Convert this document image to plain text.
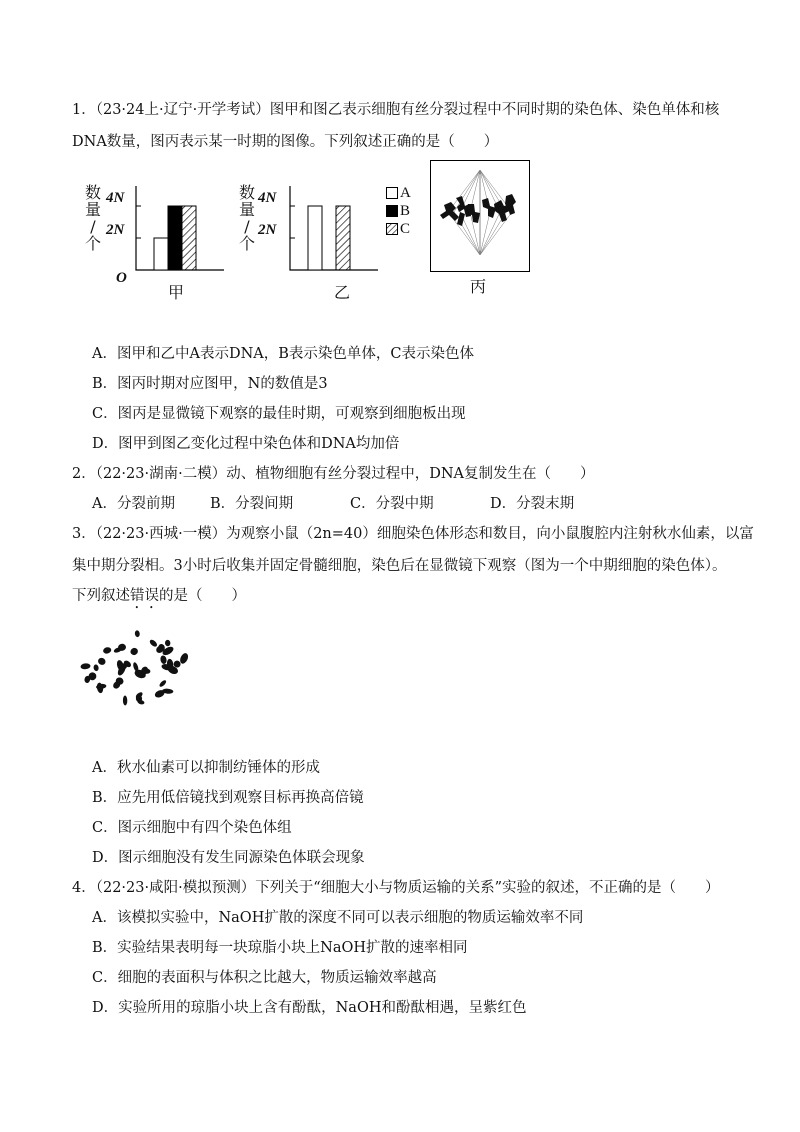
1．（23·24上·辽宁·开学考试）图甲和图乙表示细胞有丝分裂过程中不同时期的染色体、染色单体和核
DNA数量，图丙表示某一时期的图像。下列叙述正确的是（　　）
数
量
/
个
4N
2N
O
甲
数
量
/
个
4N
2N
乙
A
B
C
丙
A．图甲和乙中A表示DNA，B表示染色单体，C表示染色体
B．图丙时期对应图甲，N的数值是3
C．图丙是显微镜下观察的最佳时期，可观察到细胞板出现
D．图甲到图乙变化过程中染色体和DNA均加倍
2．（22·23·湖南·二模）动、植物细胞有丝分裂过程中，DNA复制发生在（　　）
A．分裂前期 B．分裂间期	C．分裂中期	D．分裂末期
3．（22·23·西城·一模）为观察小鼠（2n=40）细胞染色体形态和数目，向小鼠腹腔内注射秋水仙素，以富
集中期分裂相。3小时后收集并固定骨髓细胞，染色后在显微镜下观察（图为一个中期细胞的染色体）。
下列叙述错误的是（　　）
A．秋水仙素可以抑制纺锤体的形成
B．应先用低倍镜找到观察目标再换高倍镜
C．图示细胞中有四个染色体组
D．图示细胞没有发生同源染色体联会现象
4．（22·23·咸阳·模拟预测）下列关于“细胞大小与物质运输的关系”实验的叙述，不正确的是（　　）
A．该模拟实验中，NaOH扩散的深度不同可以表示细胞的物质运输效率不同
B．实验结果表明每一块琼脂小块上NaOH扩散的速率相同
C．细胞的表面积与体积之比越大，物质运输效率越高
D．实验所用的琼脂小块上含有酚酞，NaOH和酚酞相遇，呈紫红色
